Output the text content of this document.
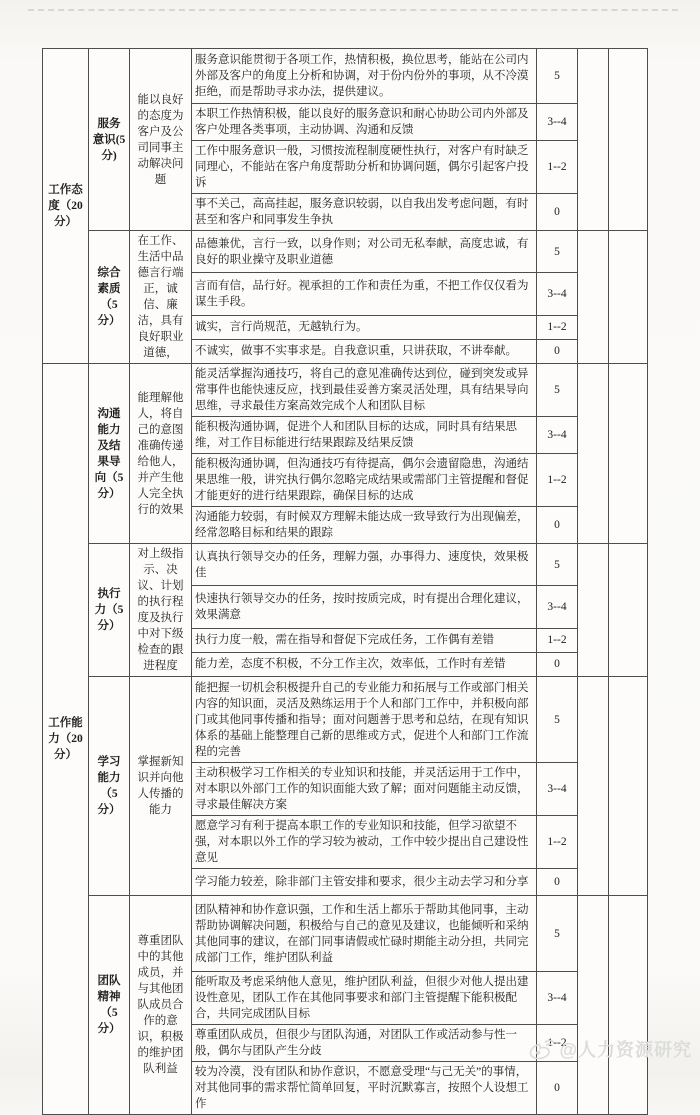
工作态度（20分）	服务意识(5分)	能以良好的态度为客户及公司同事主动解决问题	服务意识能贯彻于各项工作，热情积极，换位思考，能站在公司内外部及客户的角度上分析和协调，对于份内份外的事项，从不冷漠拒绝，而是帮助寻求办法，提供建议。	5		
			本职工作热情积极，能以良好的服务意识和耐心协助公司内外部及客户处理各类事项，主动协调、沟通和反馈	3--4		
			工作中服务意识一般，习惯按流程制度硬性执行，对客户有时缺乏同理心，不能站在客户角度帮助分析和协调问题，偶尔引起客户投诉	1--2		
			事不关己，高高挂起，服务意识较弱，以自我出发考虑问题，有时甚至和客户和同事发生争执	0		
	综合素质（5分）	在工作、生活中品德言行端正，诚信、廉洁，具有良好职业道德，	品德兼优，言行一致，以身作则；对公司无私奉献，高度忠诚，有良好的职业操守及职业道德	5		
			言而有信，品行好。视承担的工作和责任为重，不把工作仅仅看为谋生手段。	3--4		
			诚实，言行尚规范，无越轨行为。	1--2		
			不诚实，做事不实事求是。自我意识重，只讲获取，不讲奉献。	0		
工作能力（20分）	沟通能力及结果导向（5分）	能理解他人，将自己的意图准确传递给他人，并产生他人完全执行的效果	能灵活掌握沟通技巧，将自己的意见准确传达到位，碰到突发或异常事件也能快速反应，找到最佳妥善方案灵活处理，具有结果导向思维，寻求最佳方案高效完成个人和团队目标	5		
			能积极沟通协调，促进个人和团队目标的达成，同时具有结果思维，对工作目标能进行结果跟踪及结果反馈	3--4		
			能积极沟通协调，但沟通技巧有待提高，偶尔会遗留隐患，沟通结果思维一般，讲究执行偶尔忽略完成结果或需部门主管提醒和督促才能更好的进行结果跟踪，确保目标的达成	1--2		
			沟通能力较弱，有时候双方理解未能达成一致导致行为出现偏差，经常忽略目标和结果的跟踪	0		
	执行力（5分）	对上级指示、决议、计划的执行程度及执行中对下级检查的跟进程度	认真执行领导交办的任务，理解力强，办事得力、速度快，效果极佳	5		
			快速执行领导交办的任务，按时按质完成，时有提出合理化建议，效果满意	3--4		
			执行力度一般，需在指导和督促下完成任务，工作偶有差错	1--2		
			能力差，态度不积极，不分工作主次，效率低，工作时有差错	0		
	学习能力（5分）	掌握新知识并向他人传播的能力	能把握一切机会积极提升自己的专业能力和拓展与工作或部门相关内容的知识面，灵活及熟练运用于个人和部门工作中，并积极向部门或其他同事传播和指导；面对问题善于思考和总结，在现有知识体系的基础上能整理自己新的思维或方式，促进个人和部门工作流程的完善	5		
			主动积极学习工作相关的专业知识和技能，并灵活运用于工作中，对本职以外部门工作的知识面能大致了解；面对问题能主动反馈，寻求最佳解决方案	3--4		
			愿意学习有利于提高本职工作的专业知识和技能，但学习欲望不强，对本职以外工作的学习较为被动，工作中较少提出自己建设性意见	1--2		
			学习能力较差，除非部门主管安排和要求，很少主动去学习和分享	0		
	团队精神（5分）	尊重团队中的其他成员，并与其他团队成员合作的意识，积极的维护团队利益	团队精神和协作意识强，工作和生活上都乐于帮助其他同事，主动帮助协调解决问题，积极给与自己的意见及建议，也能倾听和采纳其他同事的建议，在部门同事请假或忙碌时期能主动分担，共同完成部门工作，维护团队利益	5		
			能听取及考虑采纳他人意见，维护团队利益，但很少对他人提出建设性意见，团队工作在其他同事要求和部门主管提醒下能积极配合，共同完成团队目标	3--4		
			尊重团队成员，但很少与团队沟通，对团队工作或活动参与性一般，偶尔与团队产生分歧	1--2		
			较为冷漠，没有团队和协作意识，不愿意受理“与己无关”的事情，对其他同事的需求帮忙简单回复，平时沉默寡言，按照个人设想工作	0		
@人力资源研究
